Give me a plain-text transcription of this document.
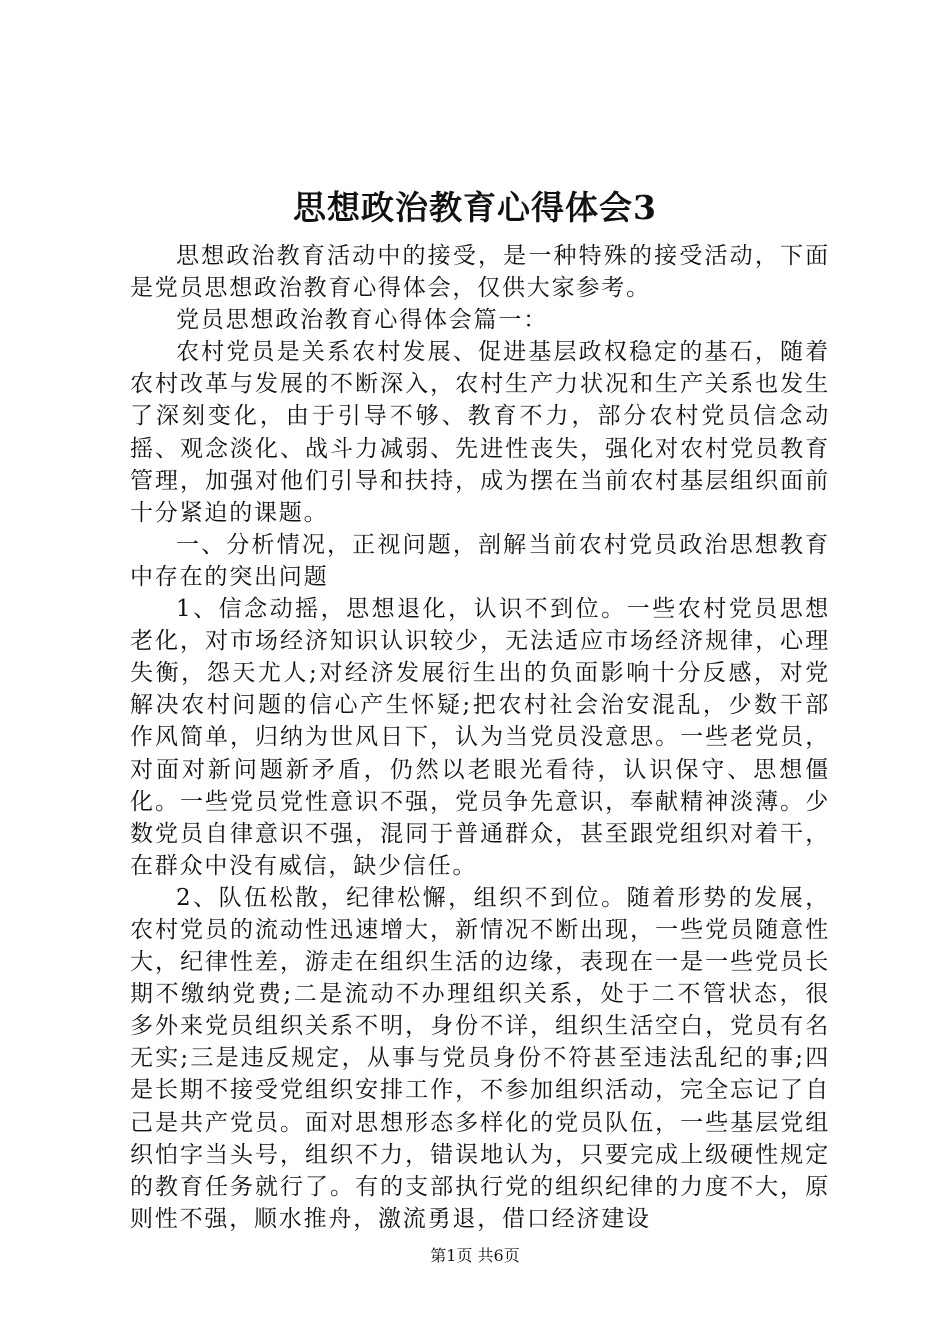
思想政治教育心得体会3

思想政治教育活动中的接受，是一种特殊的接受活动，下面是党员思想政治教育心得体会，仅供大家参考。

党员思想政治教育心得体会篇一：

农村党员是关系农村发展、促进基层政权稳定的基石，随着农村改革与发展的不断深入，农村生产力状况和生产关系也发生了深刻变化，由于引导不够、教育不力，部分农村党员信念动摇、观念淡化、战斗力减弱、先进性丧失，强化对农村党员教育管理，加强对他们引导和扶持，成为摆在当前农村基层组织面前十分紧迫的课题。

一、分析情况，正视问题，剖解当前农村党员政治思想教育中存在的突出问题

1、信念动摇，思想退化，认识不到位。一些农村党员思想老化，对市场经济知识认识较少，无法适应市场经济规律，心理失衡，怨天尤人;对经济发展衍生出的负面影响十分反感，对党解决农村问题的信心产生怀疑;把农村社会治安混乱，少数干部作风简单，归纳为世风日下，认为当党员没意思。一些老党员，对面对新问题新矛盾，仍然以老眼光看待，认识保守、思想僵化。一些党员党性意识不强，党员争先意识，奉献精神淡薄。少数党员自律意识不强，混同于普通群众，甚至跟党组织对着干，在群众中没有威信，缺少信任。

2、队伍松散，纪律松懈，组织不到位。随着形势的发展，农村党员的流动性迅速增大，新情况不断出现，一些党员随意性大，纪律性差，游走在组织生活的边缘，表现在一是一些党员长期不缴纳党费;二是流动不办理组织关系，处于二不管状态，很多外来党员组织关系不明，身份不详，组织生活空白，党员有名无实;三是违反规定，从事与党员身份不符甚至违法乱纪的事;四是长期不接受党组织安排工作，不参加组织活动，完全忘记了自己是共产党员。面对思想形态多样化的党员队伍，一些基层党组织怕字当头号，组织不力，错误地认为，只要完成上级硬性规定的教育任务就行了。有的支部执行党的组织纪律的力度不大，原则性不强，顺水推舟，激流勇退，借口经济建设

第1页 共6页
